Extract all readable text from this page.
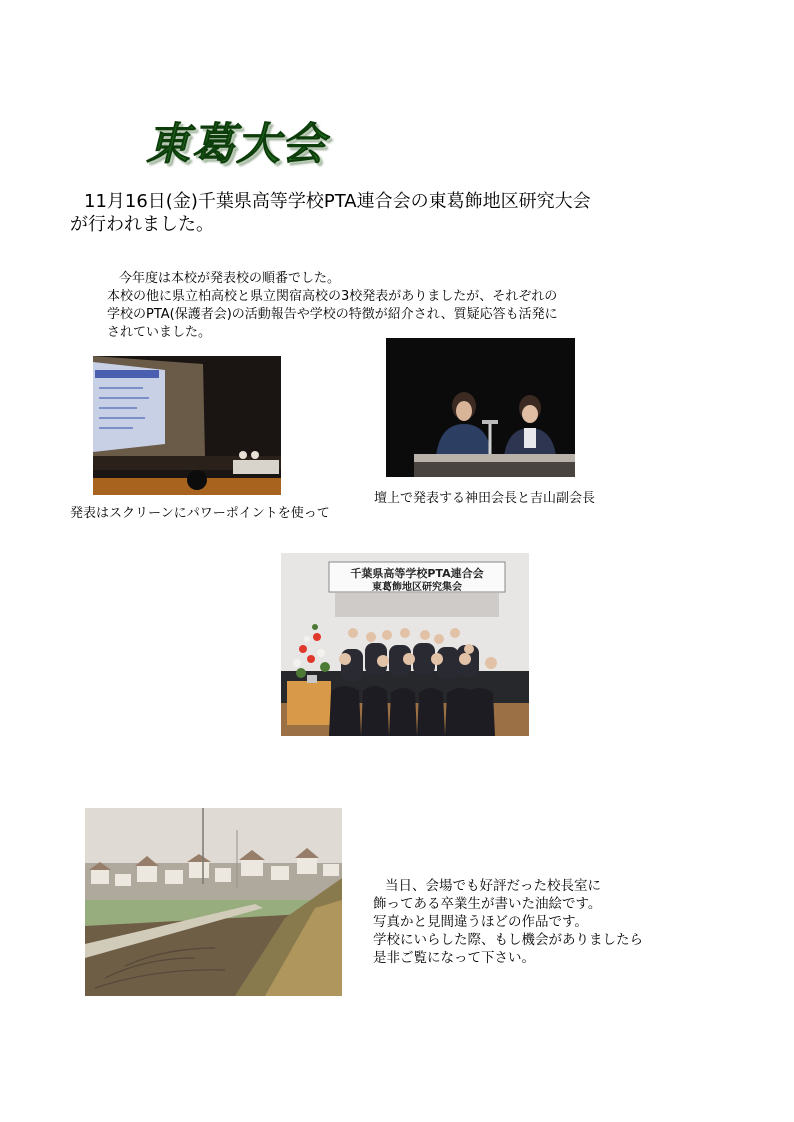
東葛大会
11月16日(金)千葉県高等学校PTA連合会の東葛飾地区研究大会
が行われました。
今年度は本校が発表校の順番でした。
本校の他に県立柏高校と県立関宿高校の3校発表がありましたが、それぞれの
学校のPTA(保護者会)の活動報告や学校の特徴が紹介され、質疑応答も活発に
されていました。
発表はスクリーンにパワーポイントを使って
壇上で発表する神田会長と吉山副会長
千葉県高等学校PTA連合会
東葛飾地区研究集会
当日、会場でも好評だった校長室に
飾ってある卒業生が書いた油絵です。
写真かと見間違うほどの作品です。
学校にいらした際、もし機会がありましたら
是非ご覧になって下さい。
